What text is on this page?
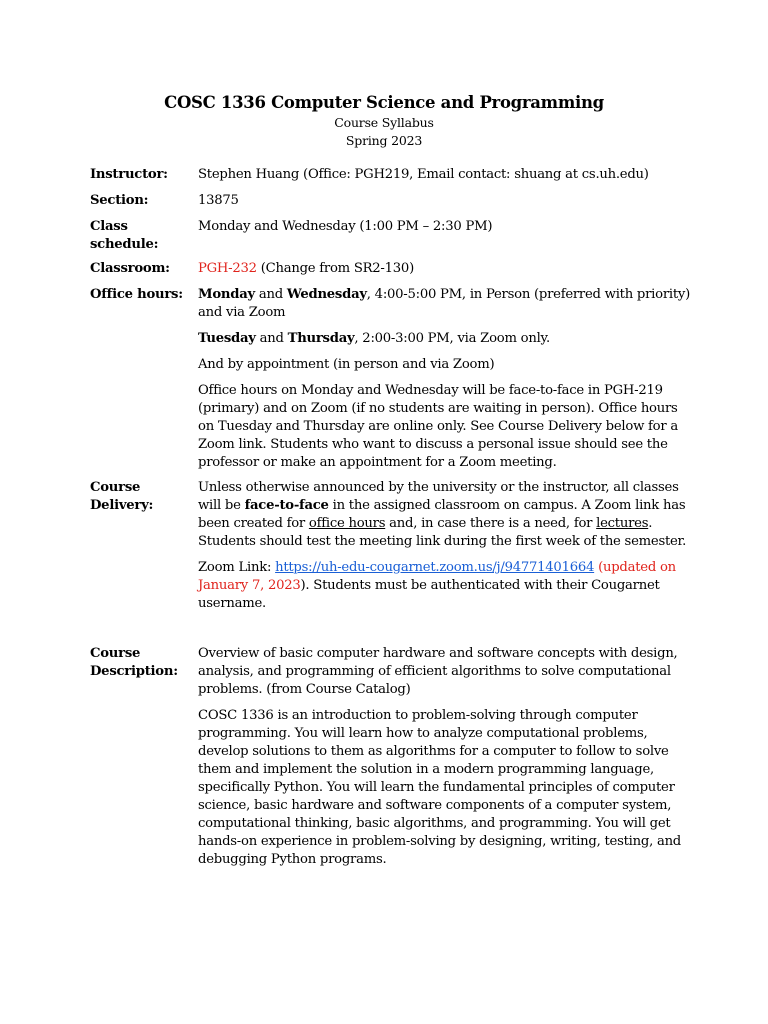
COSC 1336 Computer Science and Programming
Course Syllabus
Spring 2023
Instructor:	Stephen Huang (Office: PGH219, Email contact: shuang at cs.uh.edu)
Section:	13875
Class schedule:
Monday and Wednesday (1:00 PM – 2:30 PM)
Classroom:	PGH-232 (Change from SR2-130)
Office hours:	Monday and Wednesday, 4:00-5:00 PM, in Person (preferred with priority) and via Zoom
Tuesday and Thursday, 2:00-3:00 PM, via Zoom only.
And by appointment (in person and via Zoom)
Office hours on Monday and Wednesday will be face-to-face in PGH-219 (primary) and on Zoom (if no students are waiting in person). Office hours on Tuesday and Thursday are online only. See Course Delivery below for a Zoom link. Students who want to discuss a personal issue should see the professor or make an appointment for a Zoom meeting.
Course Delivery:
Unless otherwise announced by the university or the instructor, all classes will be face-to-face in the assigned classroom on campus. A Zoom link has been created for office hours and, in case there is a need, for lectures. Students should test the meeting link during the first week of the semester.
Zoom Link: https://uh-edu-cougarnet.zoom.us/j/94771401664 (updated on January 7, 2023). Students must be authenticated with their Cougarnet username.
Course Description:
Overview of basic computer hardware and software concepts with design, analysis, and programming of efficient algorithms to solve computational problems. (from Course Catalog)
COSC 1336 is an introduction to problem-solving through computer programming. You will learn how to analyze computational problems, develop solutions to them as algorithms for a computer to follow to solve them and implement the solution in a modern programming language, specifically Python. You will learn the fundamental principles of computer science, basic hardware and software components of a computer system, computational thinking, basic algorithms, and programming. You will get hands-on experience in problem-solving by designing, writing, testing, and debugging Python programs.
